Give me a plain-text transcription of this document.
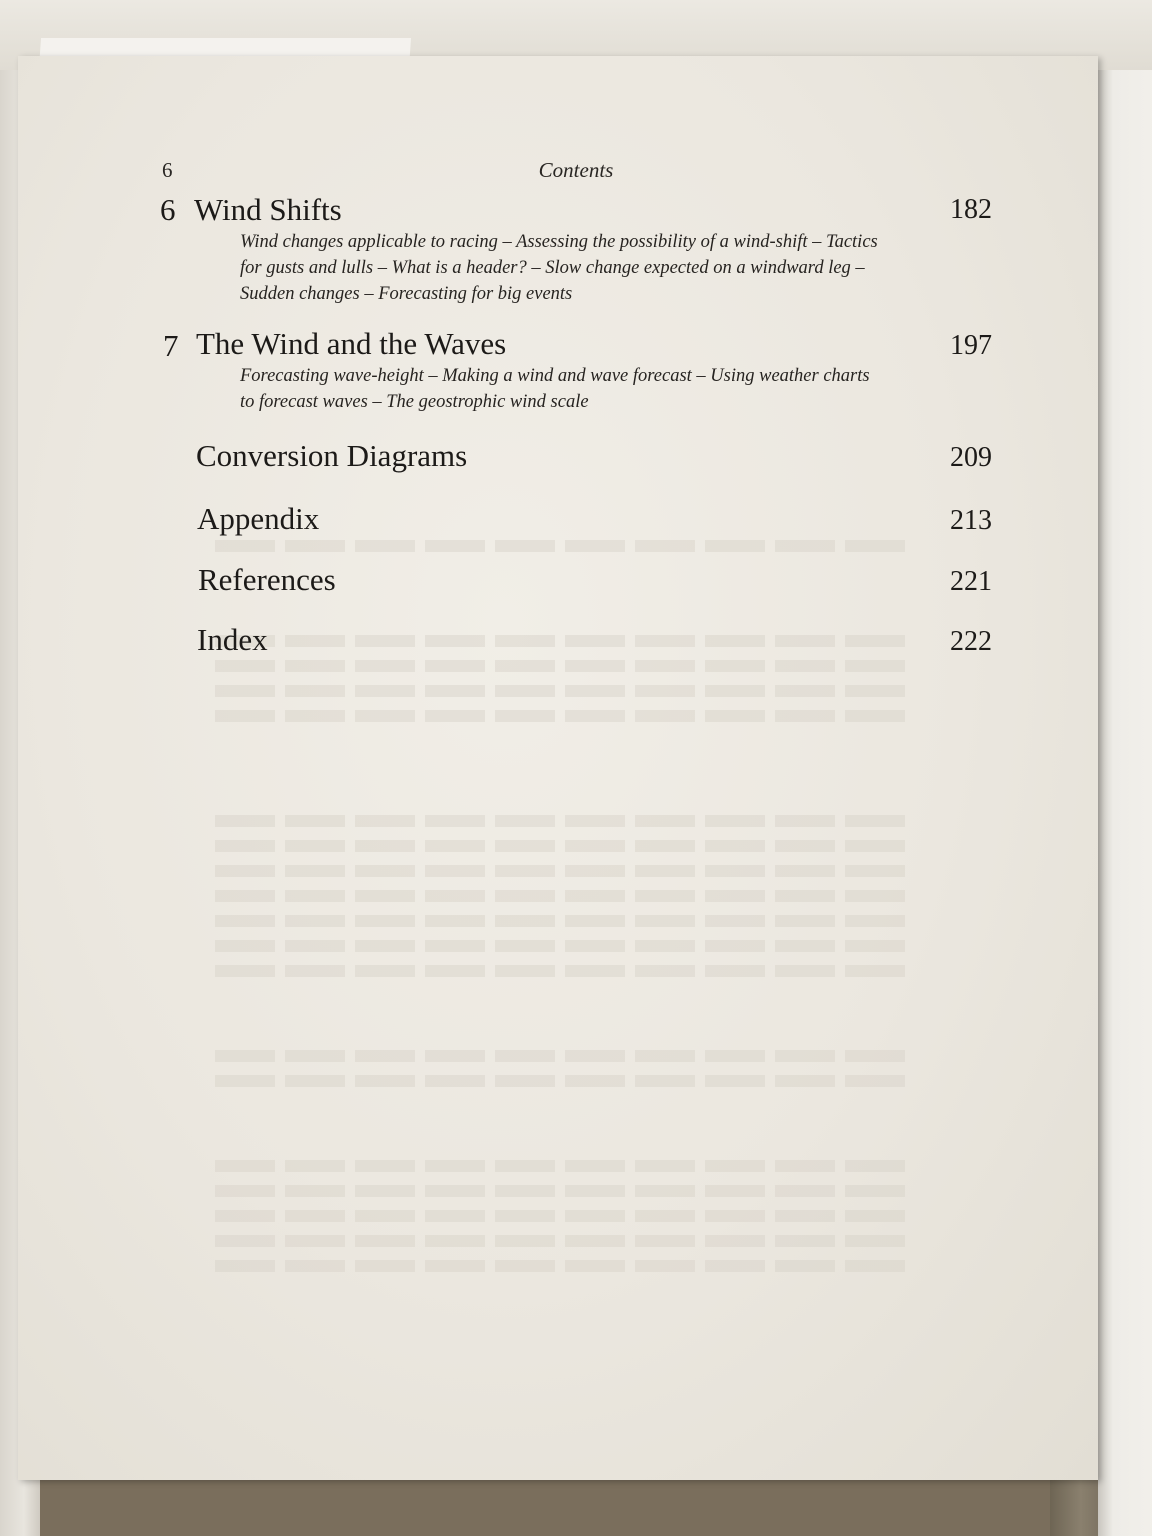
6	Contents
6 Wind Shifts	182
Wind changes applicable to racing – Assessing the possibility of a wind-shift – Tactics
for gusts and lulls – What is a header? – Slow change expected on a windward leg –
Sudden changes – Forecasting for big events
7 The Wind and the Waves	197
Forecasting wave-height – Making a wind and wave forecast – Using weather charts
to forecast waves – The geostrophic wind scale
Conversion Diagrams	209
Appendix	213
References	221
Index	222
